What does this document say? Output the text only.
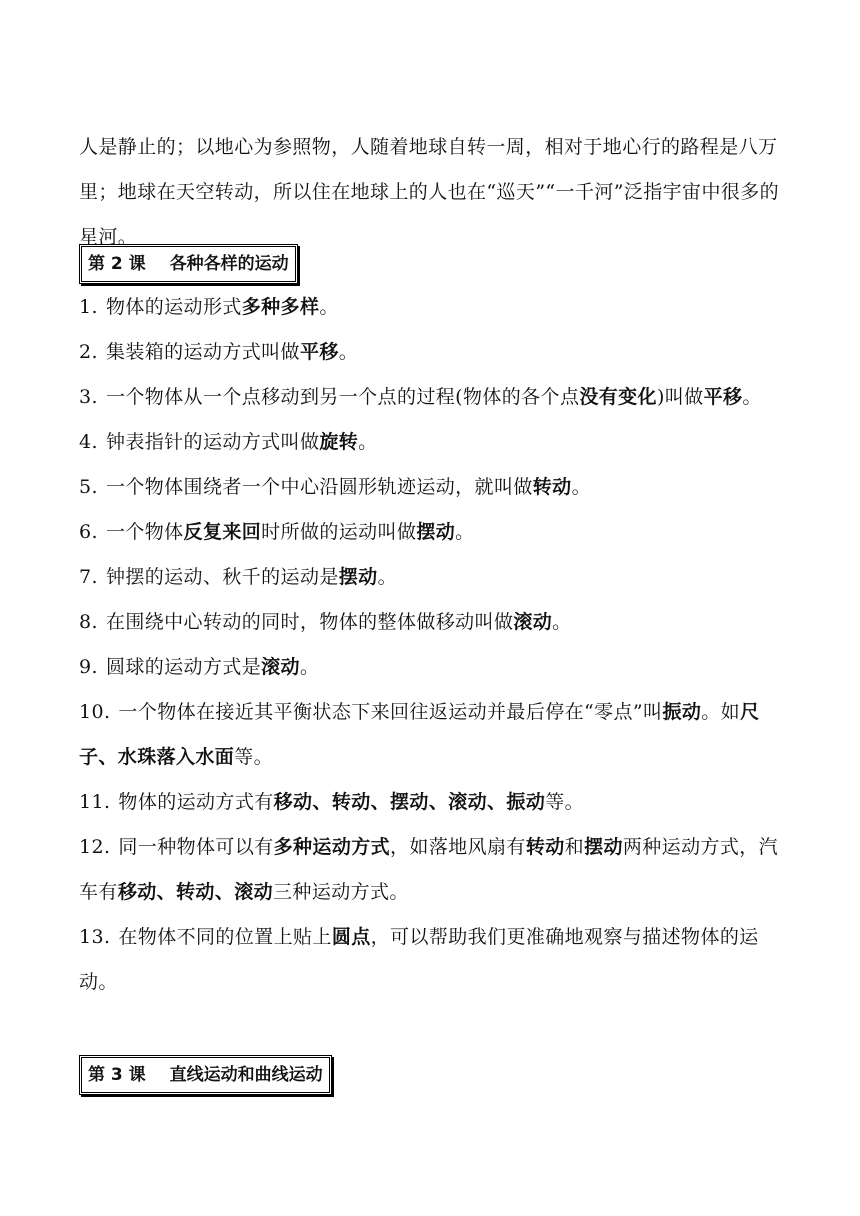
人是静止的；以地心为参照物，人随着地球自转一周，相对于地心行的路程是八万里；地球在天空转动，所以住在地球上的人也在“巡天”“一千河”泛指宇宙中很多的星河。

第 2 课 各种各样的运动

1. 物体的运动形式多种多样。

2. 集装箱的运动方式叫做平移。

3. 一个物体从一个点移动到另一个点的过程(物体的各个点没有变化)叫做平移。

4. 钟表指针的运动方式叫做旋转。

5. 一个物体围绕者一个中心沿圆形轨迹运动，就叫做转动。

6. 一个物体反复来回时所做的运动叫做摆动。

7. 钟摆的运动、秋千的运动是摆动。

8. 在围绕中心转动的同时，物体的整体做移动叫做滚动。

9. 圆球的运动方式是滚动。

10. 一个物体在接近其平衡状态下来回往返运动并最后停在“零点”叫振动。如尺子、水珠落入水面等。

11. 物体的运动方式有移动、转动、摆动、滚动、振动等。

12. 同一种物体可以有多种运动方式，如落地风扇有转动和摆动两种运动方式，汽车有移动、转动、滚动三种运动方式。

13. 在物体不同的位置上贴上圆点，可以帮助我们更准确地观察与描述物体的运动。

第 3 课 直线运动和曲线运动
